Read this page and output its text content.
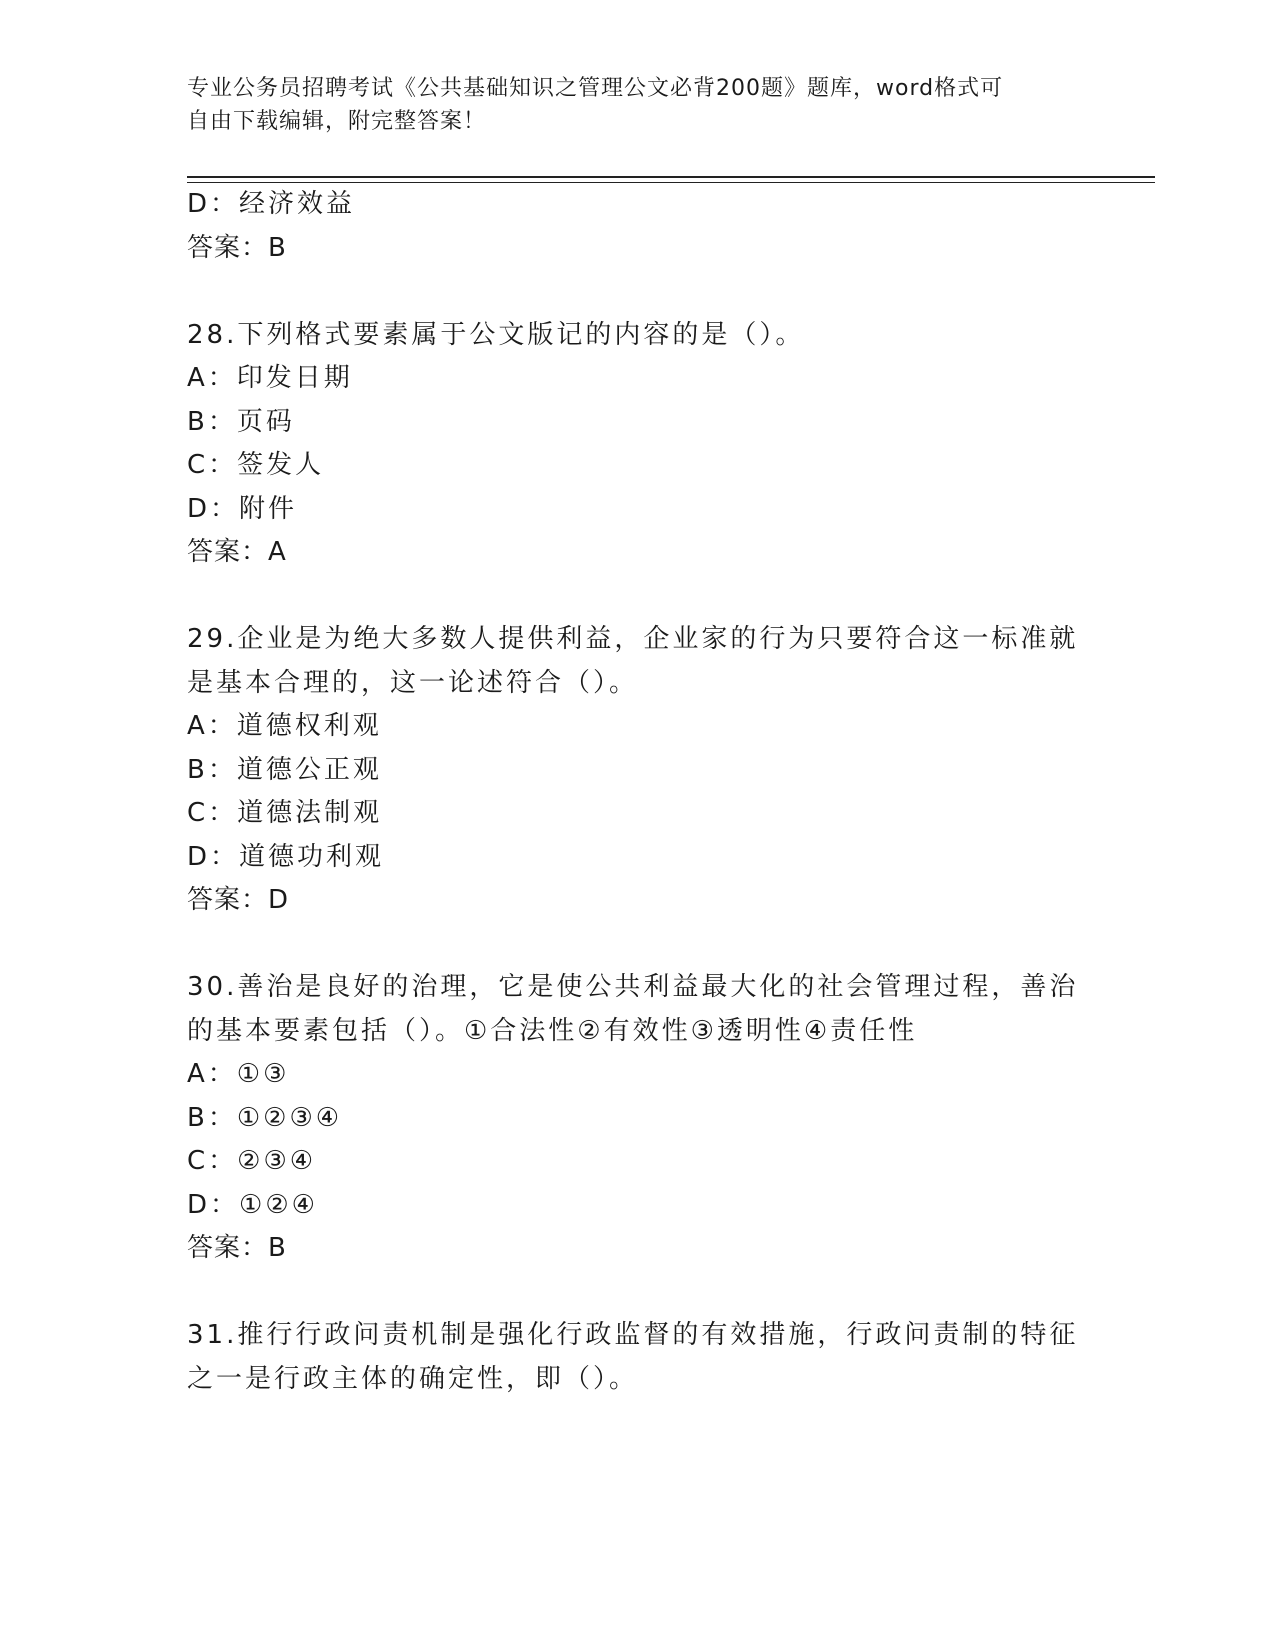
专业公务员招聘考试《公共基础知识之管理公文必背200题》题库，word格式可
自由下载编辑，附完整答案！
D：经济效益
答案：B
28.下列格式要素属于公文版记的内容的是（）。
A：印发日期
B：页码
C：签发人
D：附件
答案：A
29.企业是为绝大多数人提供利益，企业家的行为只要符合这一标准就
是基本合理的，这一论述符合（）。
A：道德权利观
B：道德公正观
C：道德法制观
D：道德功利观
答案：D
30.善治是良好的治理，它是使公共利益最大化的社会管理过程，善治
的基本要素包括（）。①合法性②有效性③透明性④责任性
A：①③
B：①②③④
C：②③④
D：①②④
答案：B
31.推行行政问责机制是强化行政监督的有效措施，行政问责制的特征
之一是行政主体的确定性，即（）。
